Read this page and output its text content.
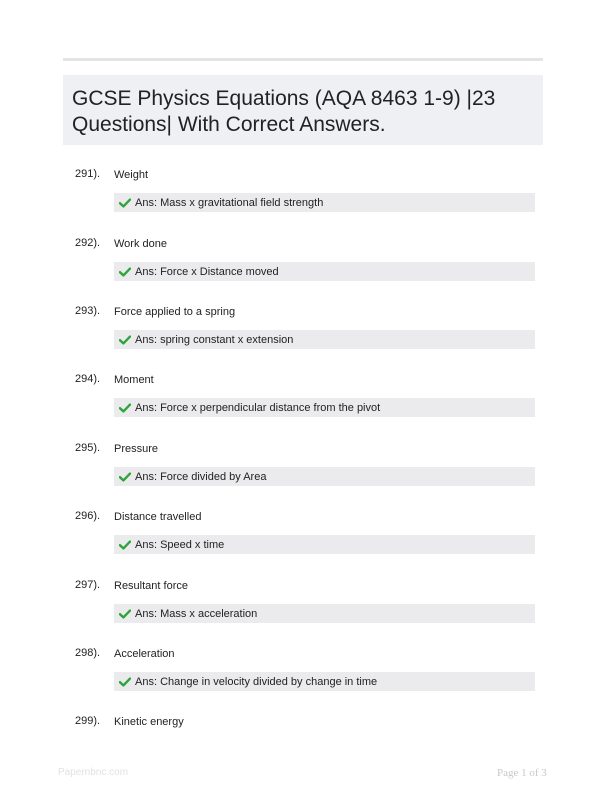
GCSE Physics Equations (AQA 8463 1-9) |23 Questions| With Correct Answers.
291). Weight
Ans: Mass x gravitational field strength
292). Work done
Ans: Force x Distance moved
293). Force applied to a spring
Ans: spring constant x extension
294). Moment
Ans: Force x perpendicular distance from the pivot
295). Pressure
Ans: Force divided by Area
296). Distance travelled
Ans: Speed x time
297). Resultant force
Ans: Mass x acceleration
298). Acceleration
Ans: Change in velocity divided by change in time
299). Kinetic energy
Papernbnc.com	Page 1 of 3
